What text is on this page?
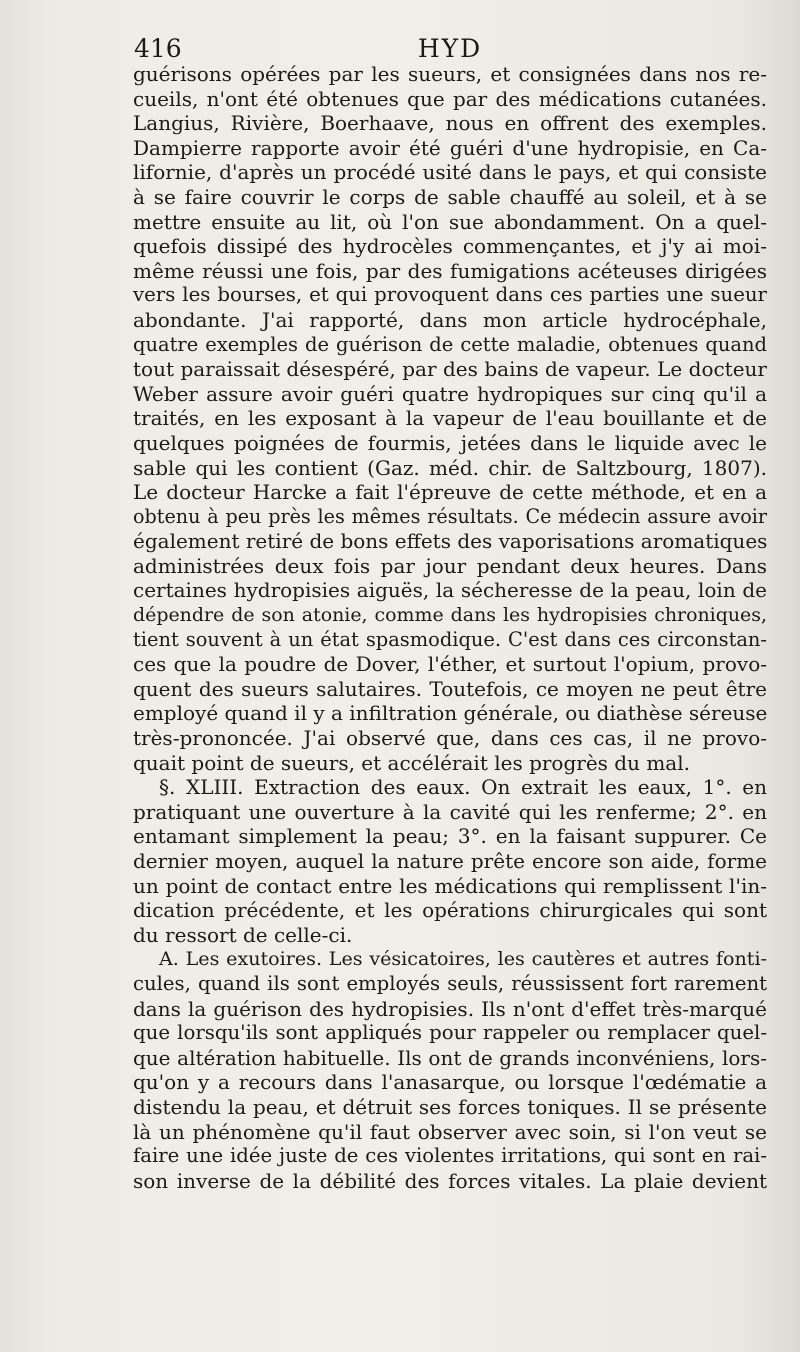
416	HYD
guérisons opérées par les sueurs, et consignées dans nos re-
cueils, n'ont été obtenues que par des médications cutanées.
Langius, Rivière, Boerhaave, nous en offrent des exemples.
Dampierre rapporte avoir été guéri d'une hydropisie, en Ca-
lifornie, d'après un procédé usité dans le pays, et qui consiste
à se faire couvrir le corps de sable chauffé au soleil, et à se
mettre ensuite au lit, où l'on sue abondamment. On a quel-
quefois dissipé des hydrocèles commençantes, et j'y ai moi-
même réussi une fois, par des fumigations acéteuses dirigées
vers les bourses, et qui provoquent dans ces parties une sueur
abondante. J'ai rapporté, dans mon article hydrocéphale,
quatre exemples de guérison de cette maladie, obtenues quand
tout paraissait désespéré, par des bains de vapeur. Le docteur
Weber assure avoir guéri quatre hydropiques sur cinq qu'il a
traités, en les exposant à la vapeur de l'eau bouillante et de
quelques poignées de fourmis, jetées dans le liquide avec le
sable qui les contient (Gaz. méd. chir. de Saltzbourg, 1807).
Le docteur Harcke a fait l'épreuve de cette méthode, et en a
obtenu à peu près les mêmes résultats. Ce médecin assure avoir
également retiré de bons effets des vaporisations aromatiques
administrées deux fois par jour pendant deux heures. Dans
certaines hydropisies aiguës, la sécheresse de la peau, loin de
dépendre de son atonie, comme dans les hydropisies chroniques,
tient souvent à un état spasmodique. C'est dans ces circonstan-
ces que la poudre de Dover, l'éther, et surtout l'opium, provo-
quent des sueurs salutaires. Toutefois, ce moyen ne peut être
employé quand il y a infiltration générale, ou diathèse séreuse
très-prononcée. J'ai observé que, dans ces cas, il ne provo-
quait point de sueurs, et accélérait les progrès du mal.
§. XLIII. Extraction des eaux. On extrait les eaux, 1°. en
pratiquant une ouverture à la cavité qui les renferme; 2°. en
entamant simplement la peau; 3°. en la faisant suppurer. Ce
dernier moyen, auquel la nature prête encore son aide, forme
un point de contact entre les médications qui remplissent l'in-
dication précédente, et les opérations chirurgicales qui sont
du ressort de celle-ci.
A. Les exutoires. Les vésicatoires, les cautères et autres fonti-
cules, quand ils sont employés seuls, réussissent fort rarement
dans la guérison des hydropisies. Ils n'ont d'effet très-marqué
que lorsqu'ils sont appliqués pour rappeler ou remplacer quel-
que altération habituelle. Ils ont de grands inconvéniens, lors-
qu'on y a recours dans l'anasarque, ou lorsque l'œdématie a
distendu la peau, et détruit ses forces toniques. Il se présente
là un phénomène qu'il faut observer avec soin, si l'on veut se
faire une idée juste de ces violentes irritations, qui sont en rai-
son inverse de la débilité des forces vitales. La plaie devient
